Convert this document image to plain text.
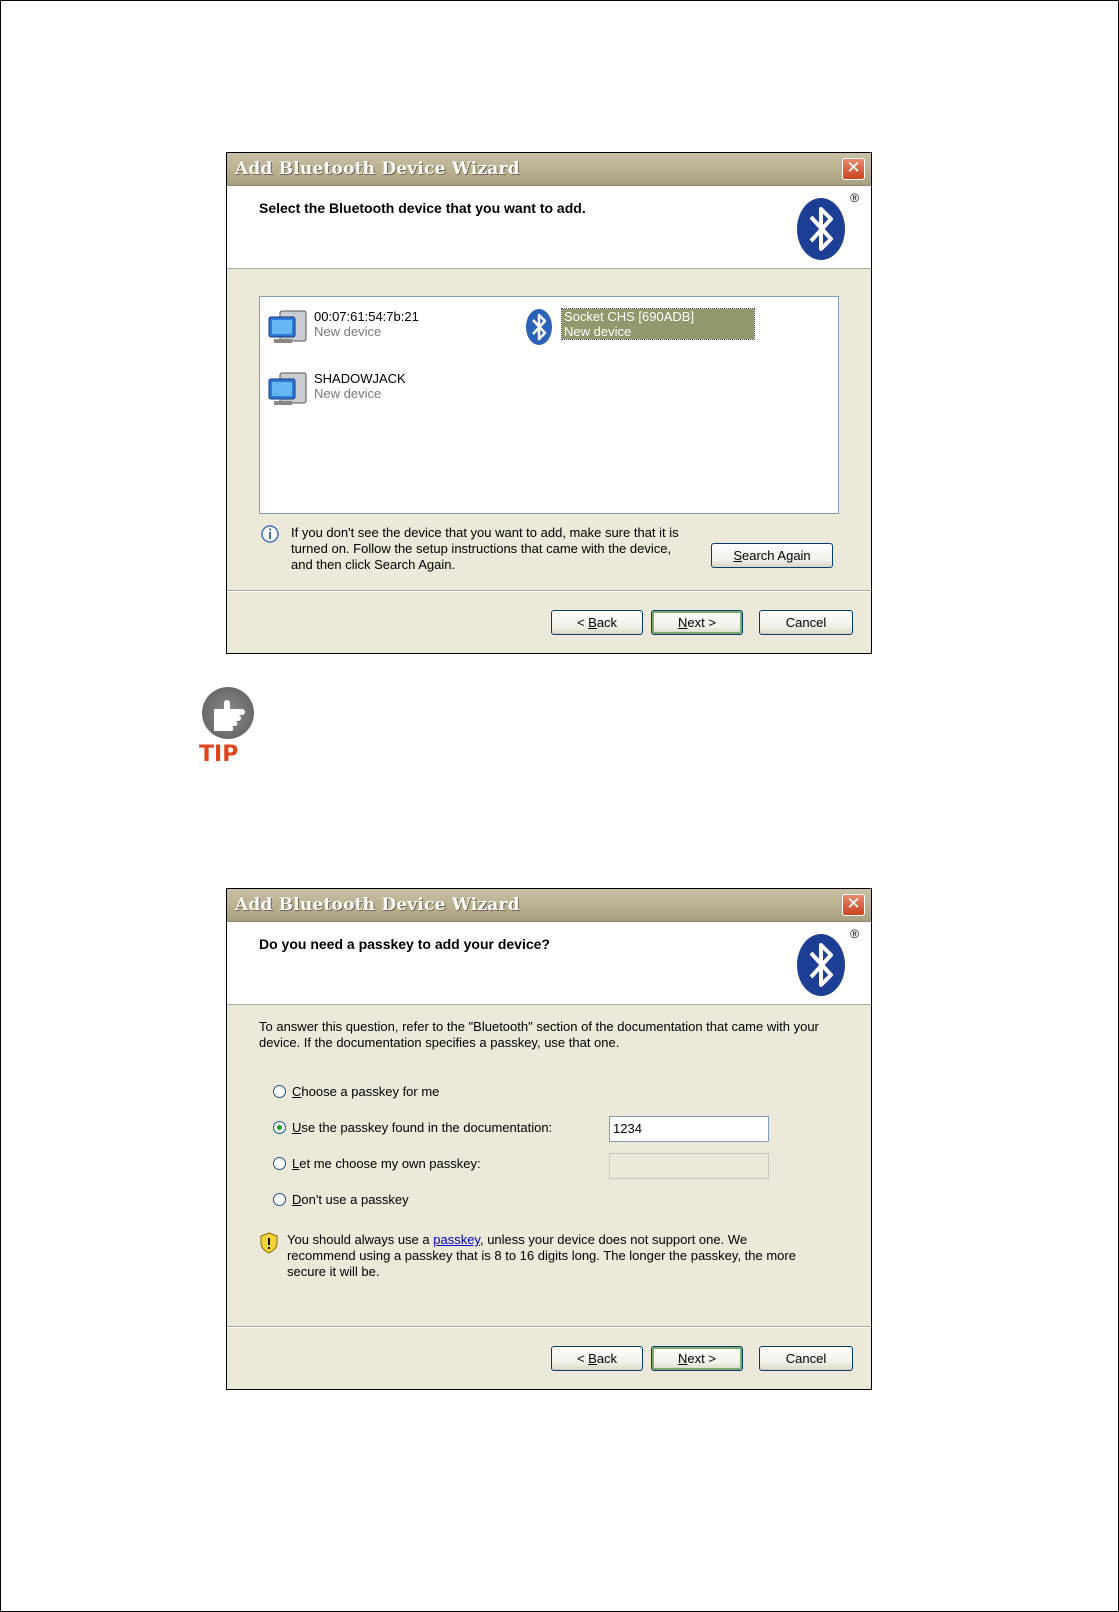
Add Bluetooth Device Wizard	✕
Select the Bluetooth device that you want to add.
®
00:07:61:54:7b:21
New device
Socket CHS [690ADB]
New device
SHADOWJACK
New device
If you don't see the device that you want to add, make sure that it is turned on. Follow the setup instructions that came with the device, and then click Search Again.
Search Again
< Back	Next >	Cancel
TIP
Add Bluetooth Device Wizard	✕
Do you need a passkey to add your device?
®
To answer this question, refer to the "Bluetooth" section of the documentation that came with your device. If the documentation specifies a passkey, use that one.
Choose a passkey for me
Use the passkey found in the documentation:	1234
Let me choose my own passkey:
Don't use a passkey
You should always use a passkey, unless your device does not support one. We recommend using a passkey that is 8 to 16 digits long. The longer the passkey, the more secure it will be.
< Back	Next >	Cancel
